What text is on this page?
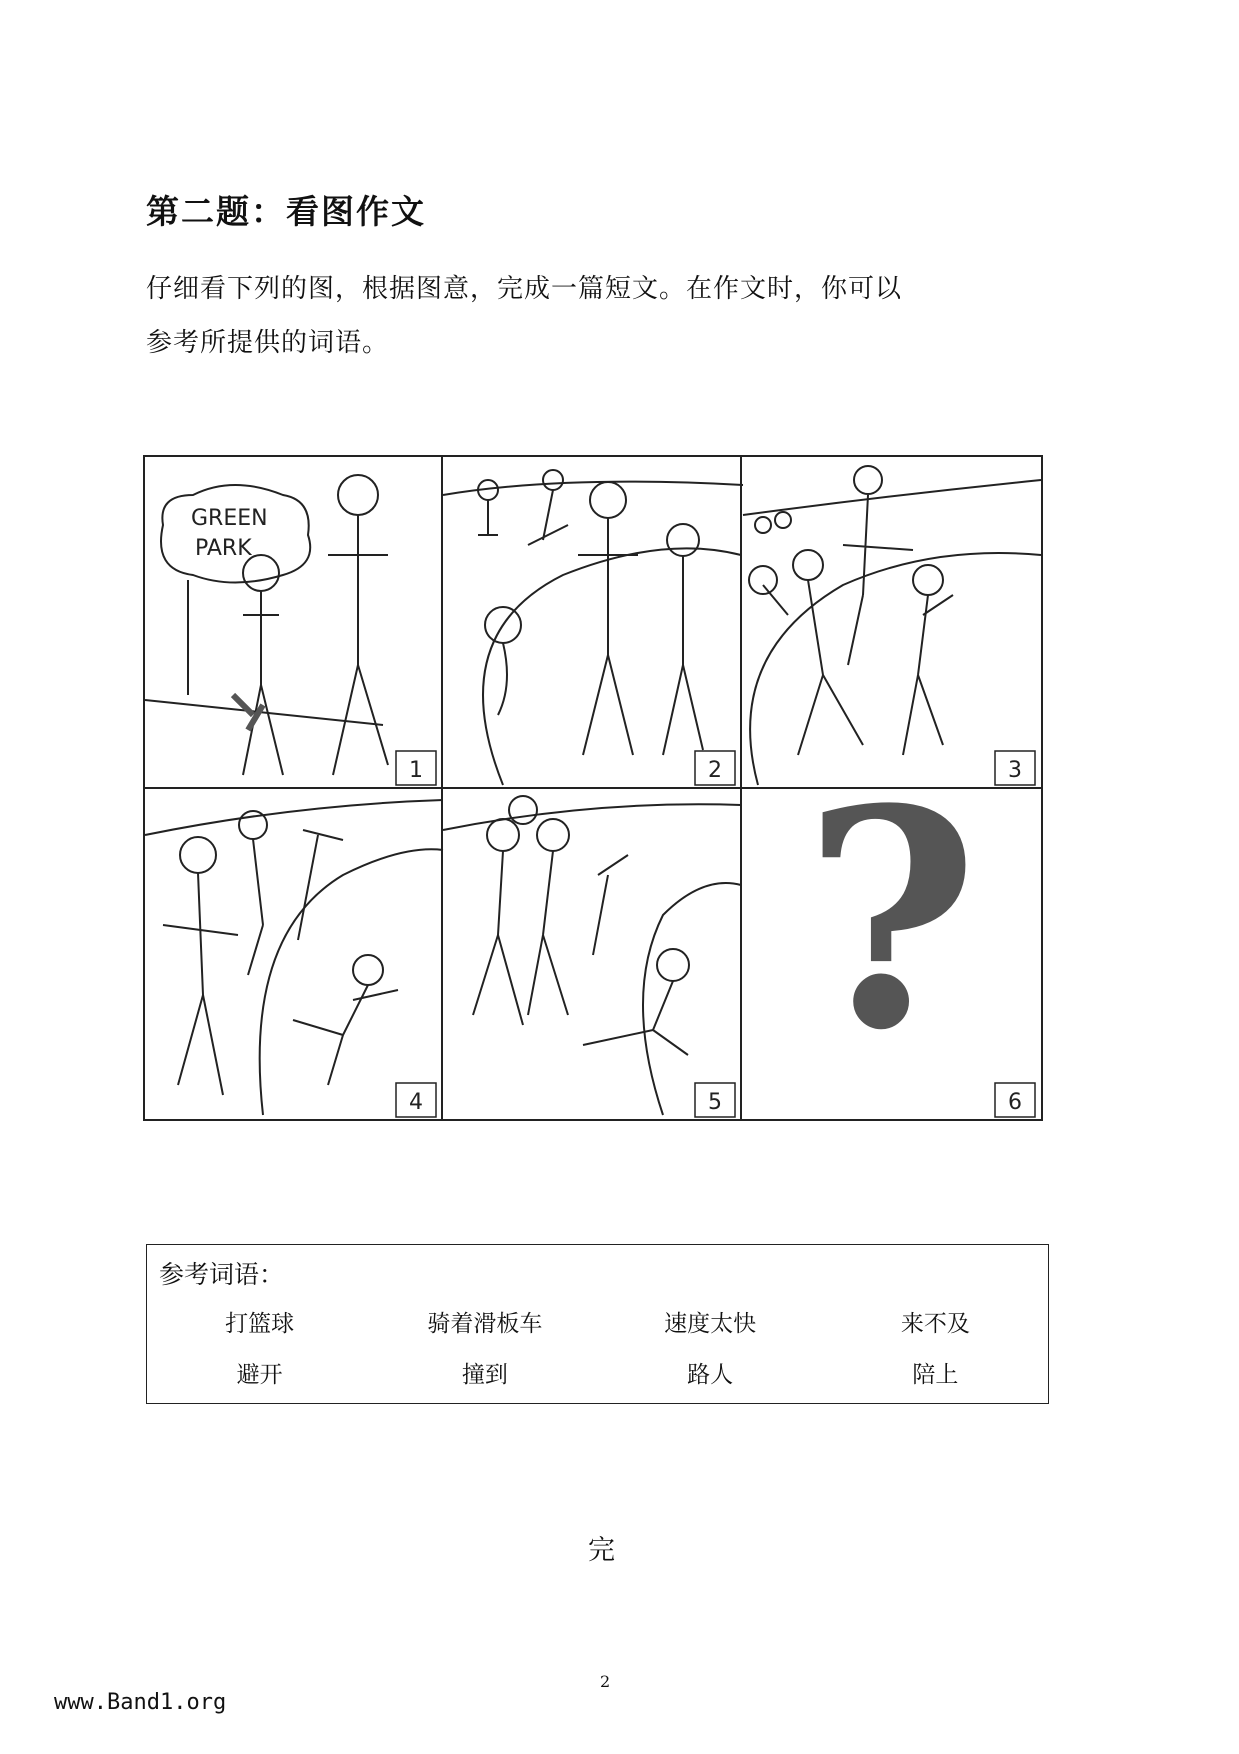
第二题：看图作文
仔细看下列的图，根据图意，完成一篇短文。在作文时，你可以
参考所提供的词语。
GREEN
PARK
?
1	2	3
4	5	6
参考词语：
打篮球	骑着滑板车	速度太快	来不及
避开	撞到	路人	陪上
完
2
www.Band1.org
